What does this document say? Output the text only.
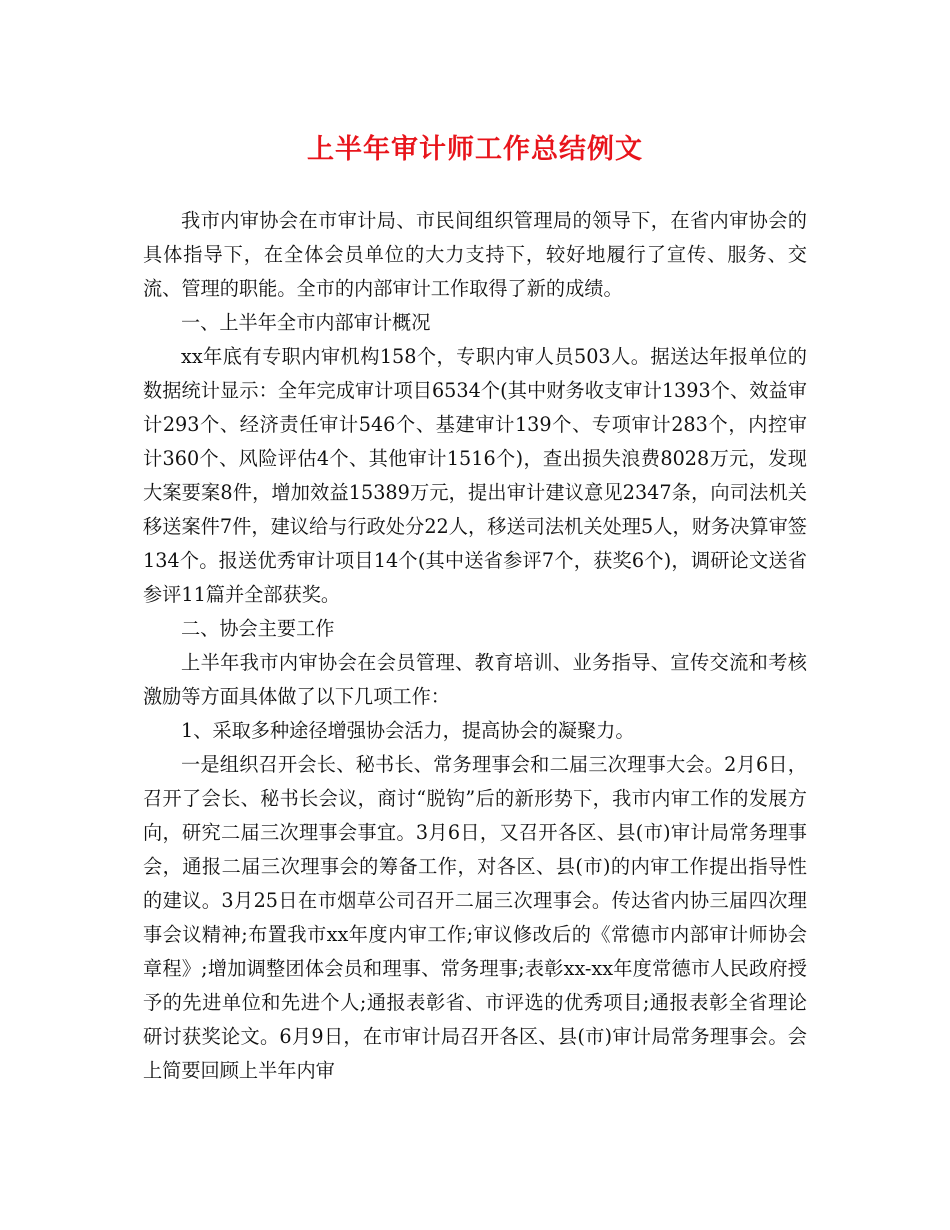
上半年审计师工作总结例文

我市内审协会在市审计局、市民间组织管理局的领导下，在省内审协会的具体指导下，在全体会员单位的大力支持下，较好地履行了宣传、服务、交流、管理的职能。全市的内部审计工作取得了新的成绩。

一、上半年全市内部审计概况

xx年底有专职内审机构158个，专职内审人员503人。据送达年报单位的数据统计显示：全年完成审计项目6534个(其中财务收支审计1393个、效益审计293个、经济责任审计546个、基建审计139个、专项审计283个，内控审计360个、风险评估4个、其他审计1516个)，查出损失浪费8028万元，发现大案要案8件，增加效益15389万元，提出审计建议意见2347条，向司法机关移送案件7件，建议给与行政处分22人，移送司法机关处理5人，财务决算审签134个。报送优秀审计项目14个(其中送省参评7个，获奖6个)，调研论文送省参评11篇并全部获奖。

二、协会主要工作

上半年我市内审协会在会员管理、教育培训、业务指导、宣传交流和考核激励等方面具体做了以下几项工作：

1、采取多种途径增强协会活力，提高协会的凝聚力。

一是组织召开会长、秘书长、常务理事会和二届三次理事大会。2月6日，召开了会长、秘书长会议，商讨“脱钩”后的新形势下，我市内审工作的发展方向，研究二届三次理事会事宜。3月6日，又召开各区、县(市)审计局常务理事会，通报二届三次理事会的筹备工作，对各区、县(市)的内审工作提出指导性的建议。3月25日在市烟草公司召开二届三次理事会。传达省内协三届四次理事会议精神;布置我市xx年度内审工作;审议修改后的《常德市内部审计师协会章程》;增加调整团体会员和理事、常务理事;表彰xx-xx年度常德市人民政府授予的先进单位和先进个人;通报表彰省、市评选的优秀项目;通报表彰全省理论研讨获奖论文。6月9日，在市审计局召开各区、县(市)审计局常务理事会。会上简要回顾上半年内审
